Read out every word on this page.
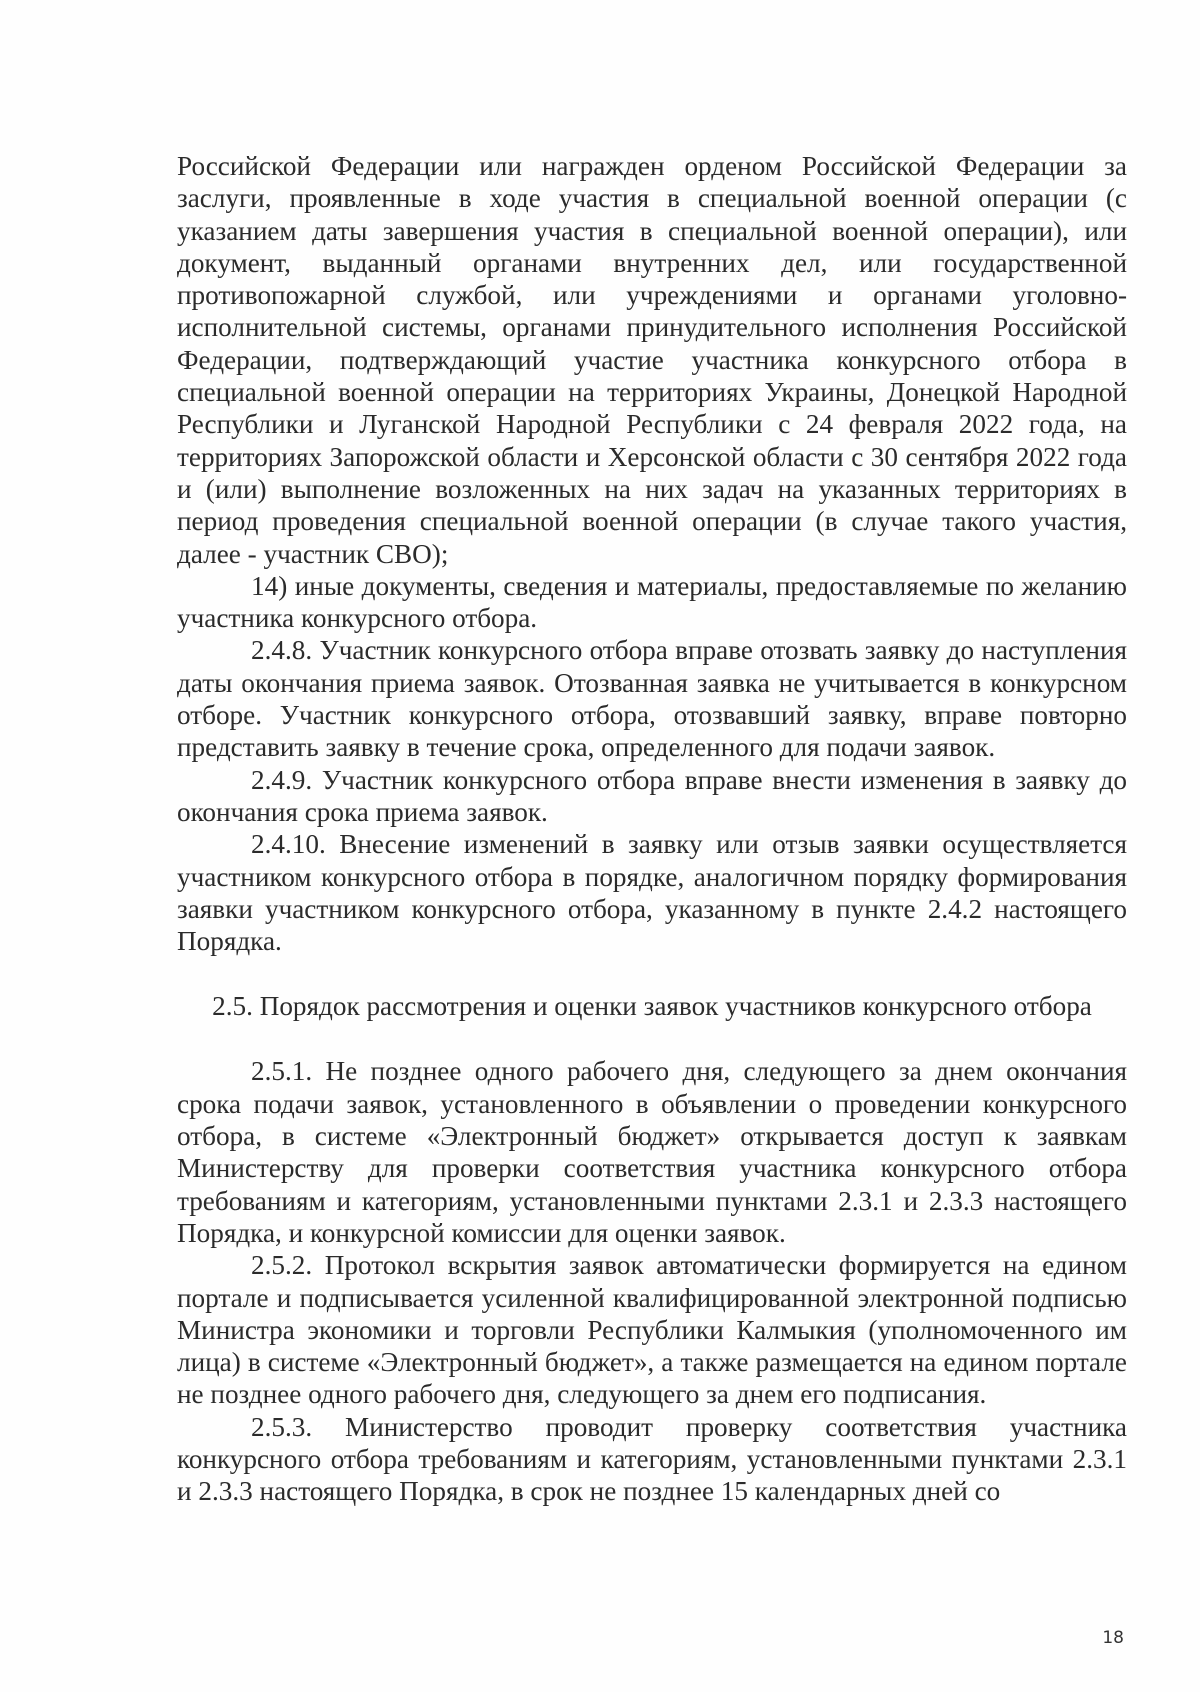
Российской Федерации или награжден орденом Российской Федерации за заслуги, проявленные в ходе участия в специальной военной операции (с указанием даты завершения участия в специальной военной операции), или документ, выданный органами внутренних дел, или государственной противопожарной службой, или учреждениями и органами уголовно-исполнительной системы, органами принудительного исполнения Российской Федерации, подтверждающий участие участника конкурсного отбора в специальной военной операции на территориях Украины, Донецкой Народной Республики и Луганской Народной Республики с 24 февраля 2022 года, на территориях Запорожской области и Херсонской области с 30 сентября 2022 года и (или) выполнение возложенных на них задач на указанных территориях в период проведения специальной военной операции (в случае такого участия, далее - участник СВО);

14) иные документы, сведения и материалы, предоставляемые по желанию участника конкурсного отбора.

2.4.8. Участник конкурсного отбора вправе отозвать заявку до наступления даты окончания приема заявок. Отозванная заявка не учитывается в конкурсном отборе. Участник конкурсного отбора, отозвавший заявку, вправе повторно представить заявку в течение срока, определенного для подачи заявок.

2.4.9. Участник конкурсного отбора вправе внести изменения в заявку до окончания срока приема заявок.

2.4.10. Внесение изменений в заявку или отзыв заявки осуществляется участником конкурсного отбора в порядке, аналогичном порядку формирования заявки участником конкурсного отбора, указанному в пункте 2.4.2 настоящего Порядка.

2.5. Порядок рассмотрения и оценки заявок участников конкурсного отбора

2.5.1. Не позднее одного рабочего дня, следующего за днем окончания срока подачи заявок, установленного в объявлении о проведении конкурсного отбора, в системе «Электронный бюджет» открывается доступ к заявкам Министерству для проверки соответствия участника конкурсного отбора требованиям и категориям, установленными пунктами 2.3.1 и 2.3.3 настоящего Порядка, и конкурсной комиссии для оценки заявок.

2.5.2. Протокол вскрытия заявок автоматически формируется на едином портале и подписывается усиленной квалифицированной электронной подписью Министра экономики и торговли Республики Калмыкия (уполномоченного им лица) в системе «Электронный бюджет», а также размещается на едином портале не позднее одного рабочего дня, следующего за днем его подписания.

2.5.3. Министерство проводит проверку соответствия участника конкурсного отбора требованиям и категориям, установленными пунктами 2.3.1 и 2.3.3 настоящего Порядка, в срок не позднее 15 календарных дней со

18
